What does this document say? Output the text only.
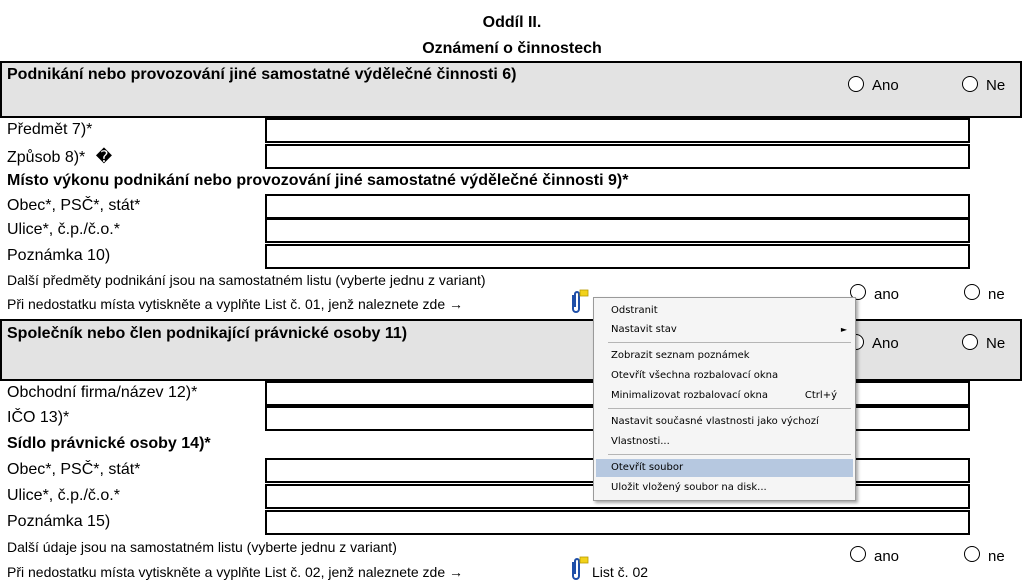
Oddíl II.
Oznámení o činnostech
Podnikání nebo provozování jiné samostatné výdělečné činnosti 6)
Ano	Ne
Předmět 7)*
Způsob 8)* �
Místo výkonu podnikání nebo provozování jiné samostatné výdělečné činnosti 9)*
Obec*, PSČ*, stát*
Ulice*, č.p./č.o.*
Poznámka 10)
Další předměty podnikání jsou na samostatném listu (vyberte jednu z variant)
Při nedostatku místa vytiskněte a vyplňte List č. 01, jenž naleznete zde →
ano	ne
Společník nebo člen podnikající právnické osoby 11)
Ano	Ne
Obchodní firma/název 12)*
IČO 13)*
Sídlo právnické osoby 14)*
Obec*, PSČ*, stát*
Ulice*, č.p./č.o.*
Poznámka 15)
Další údaje jsou na samostatném listu (vyberte jednu z variant)
Při nedostatku místa vytiskněte a vyplňte List č. 02, jenž naleznete zde →	List č. 02
ano	ne
Odstranit
Nastavit stav	►
Zobrazit seznam poznámek
Otevřít všechna rozbalovací okna
Minimalizovat rozbalovací okna	Ctrl+ý
Nastavit současné vlastnosti jako výchozí
Vlastnosti...
Otevřít soubor
Uložit vložený soubor na disk...
